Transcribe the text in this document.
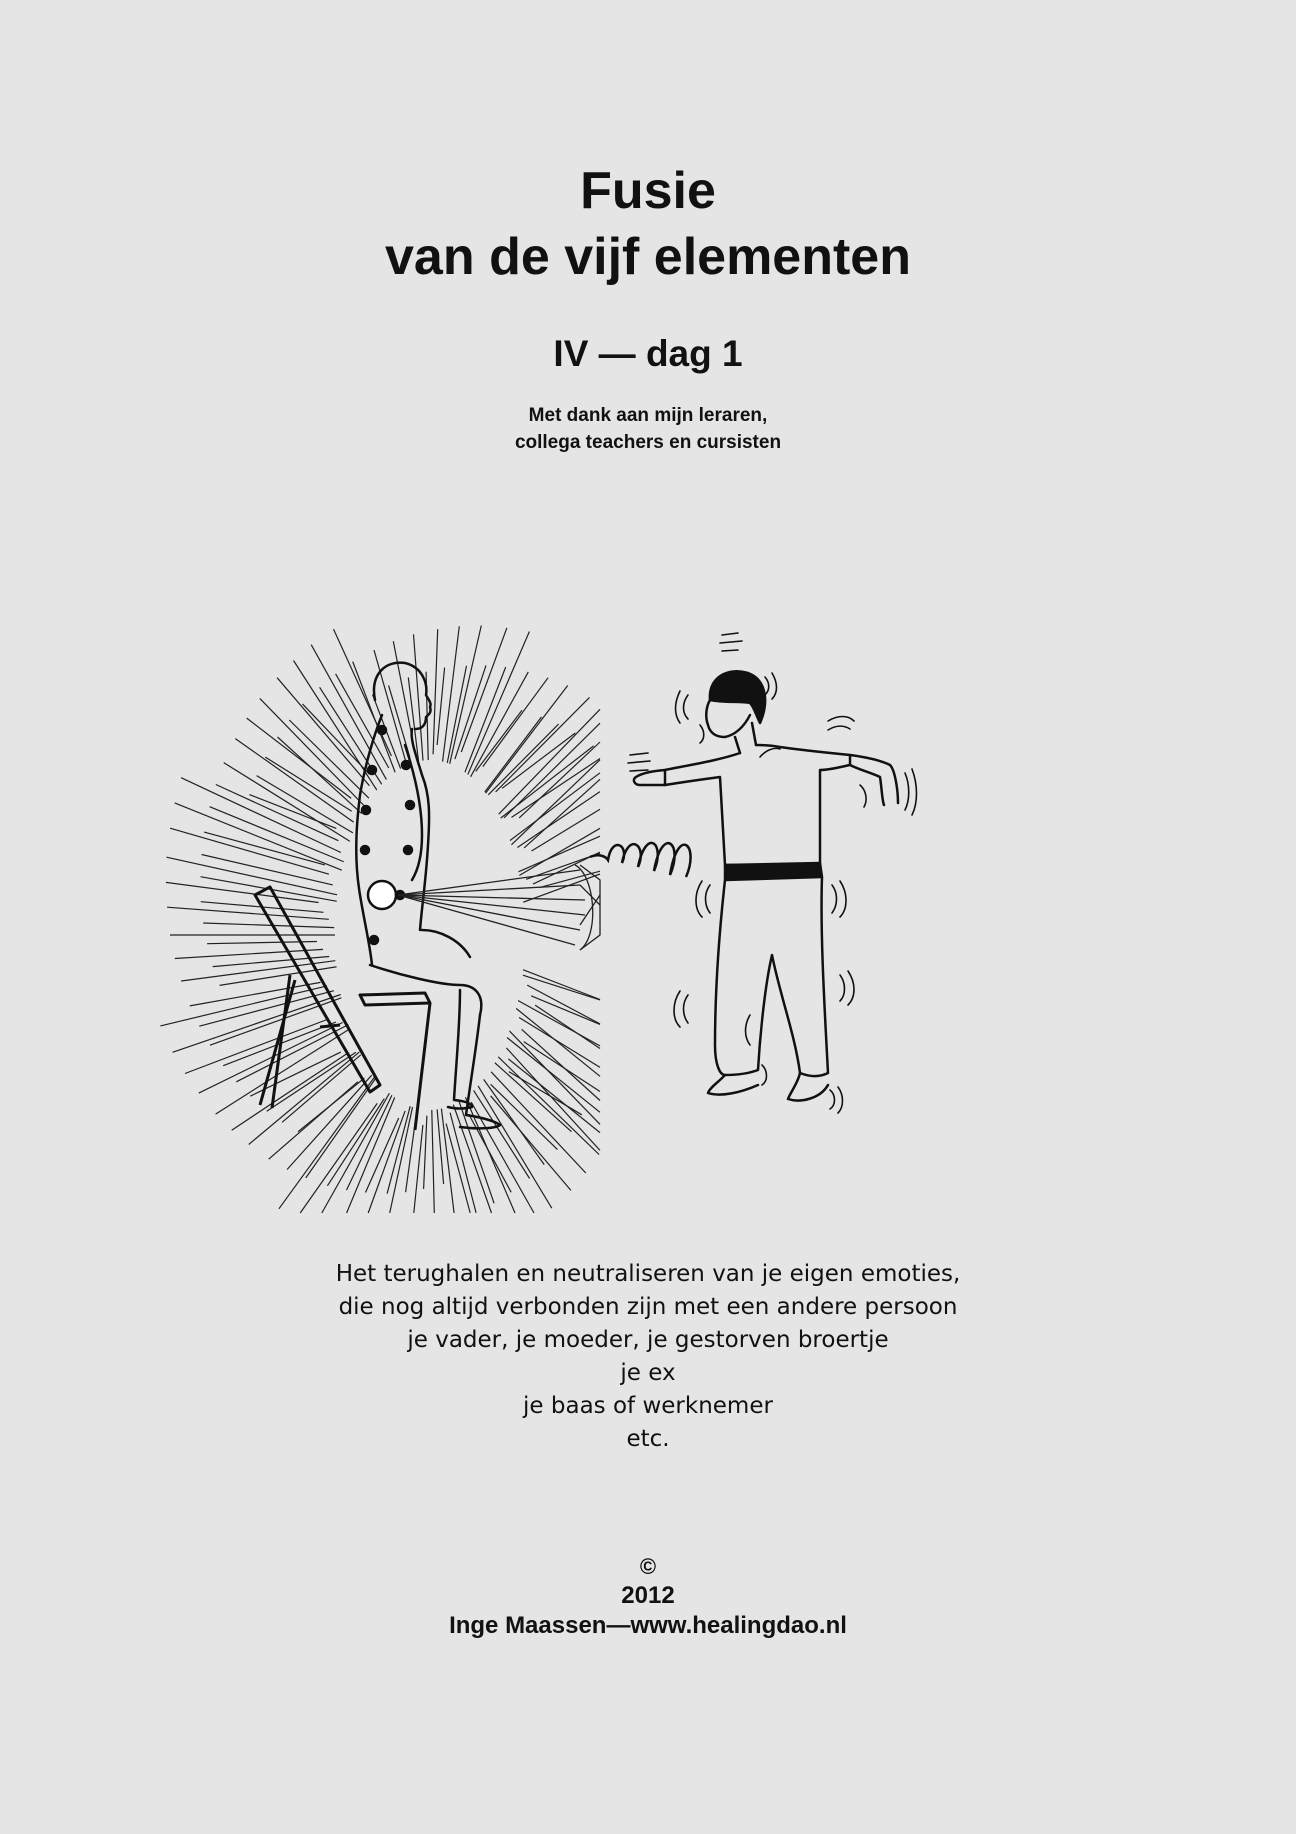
Fusie
van de vijf elementen
IV — dag 1
Met dank aan mijn leraren,
collega teachers en cursisten
Het terughalen en neutraliseren van je eigen emoties,
die nog altijd verbonden zijn met een andere persoon
je vader, je moeder, je gestorven broertje
je ex
je baas of werknemer
etc.
©
2012
Inge Maassen—www.healingdao.nl
